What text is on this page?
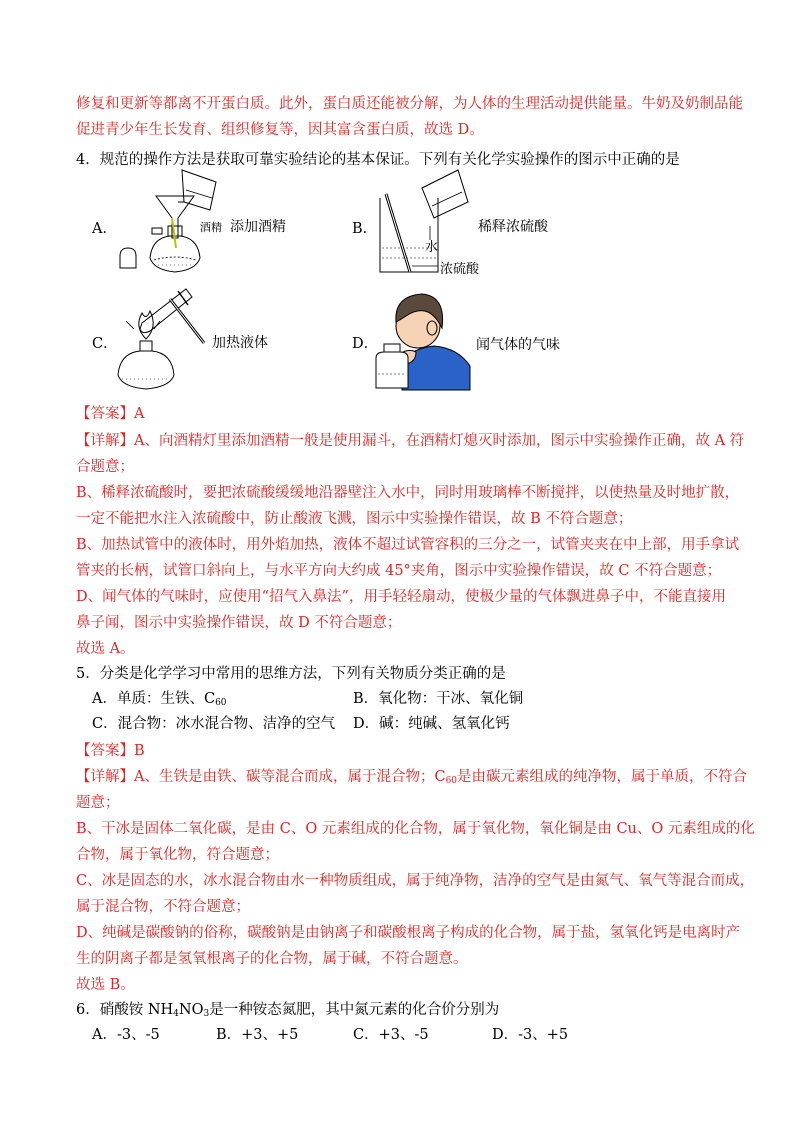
修复和更新等都离不开蛋白质。此外，蛋白质还能被分解，为人体的生理活动提供能量。牛奶及奶制品能
促进青少年生长发育、组织修复等，因其富含蛋白质，故选 D。
4．规范的操作方法是获取可靠实验结论的基本保证。下列有关化学实验操作的图示中正确的是
A．	酒精 添加酒精	B．
水
浓硫酸
稀释浓硫酸
C．	加热液体	D．	闻气体的气味
【答案】A
【详解】A、向酒精灯里添加酒精一般是使用漏斗，在酒精灯熄灭时添加，图示中实验操作正确，故 A 符
合题意；
B、稀释浓硫酸时，要把浓硫酸缓缓地沿器壁注入水中，同时用玻璃棒不断搅拌，以使热量及时地扩散，
一定不能把水注入浓硫酸中，防止酸液飞溅，图示中实验操作错误，故 B 不符合题意；
B、加热试管中的液体时，用外焰加热，液体不超过试管容积的三分之一，试管夹夹在中上部，用手拿试
管夹的长柄，试管口斜向上，与水平方向大约成 45°夹角，图示中实验操作错误，故 C 不符合题意；
D、闻气体的气味时，应使用“招气入鼻法”，用手轻轻扇动，使极少量的气体飘进鼻子中，不能直接用
鼻子闻，图示中实验操作错误，故 D 不符合题意；
故选 A。
5．分类是化学学习中常用的思维方法，下列有关物质分类正确的是
A．单质：生铁、$C_{60}$	B．氧化物：干冰、氧化铜
C．混合物：冰水混合物、洁净的空气 D．碱：纯碱、氢氧化钙
【答案】B
【详解】A、生铁是由铁、碳等混合而成，属于混合物；$C_{60}$是由碳元素组成的纯净物，属于单质，不符合
题意；
B、干冰是固体二氧化碳，是由 C、O 元素组成的化合物，属于氧化物，氧化铜是由 Cu、O 元素组成的化
合物，属于氧化物，符合题意；
C、冰是固态的水，冰水混合物由水一种物质组成，属于纯净物，洁净的空气是由氮气、氧气等混合而成，
属于混合物，不符合题意；
D、纯碱是碳酸钠的俗称，碳酸钠是由钠离子和碳酸根离子构成的化合物，属于盐，氢氧化钙是电离时产
生的阴离子都是氢氧根离子的化合物，属于碱，不符合题意。
故选 B。
6．硝酸铵 $NH_4NO_3$是一种铵态氮肥，其中氮元素的化合价分别为
A．-3、-5	B．+3、+5	C．+3、-5	D．-3、+5
